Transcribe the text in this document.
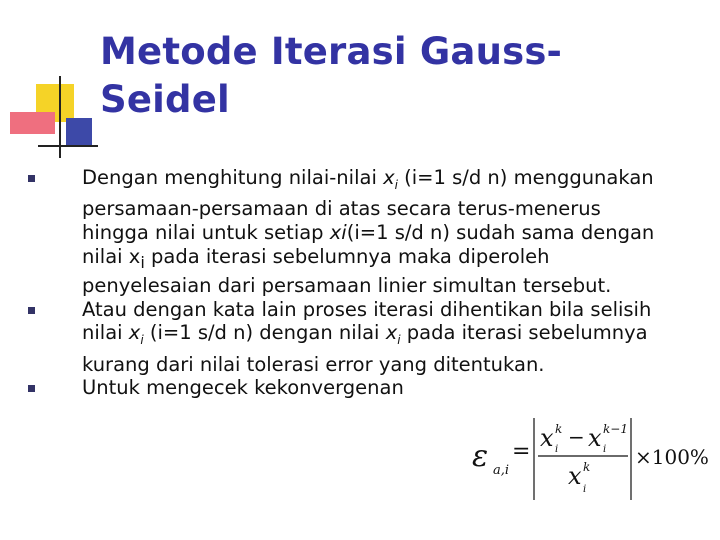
Metode Iterasi Gauss-
Seidel
Dengan menghitung nilai-nilai $x_i$ (i=1 s/d n) menggunakan persamaan-persamaan di atas secara terus-menerus hingga nilai untuk setiap xi(i=1 s/d n) sudah sama dengan nilai $x_i$ pada iterasi sebelumnya maka diperoleh penyelesaian dari persamaan linier simultan tersebut.
Atau dengan kata lain proses iterasi dihentikan bila selisih nilai $x_i$ (i=1 s/d n) dengan nilai $x_i$ pada iterasi sebelumnya kurang dari nilai tolerasi error yang ditentukan.
Untuk mengecek kekonvergenan
ε a,i
= x k
i
− x k−1
i
x k
i
×100%
